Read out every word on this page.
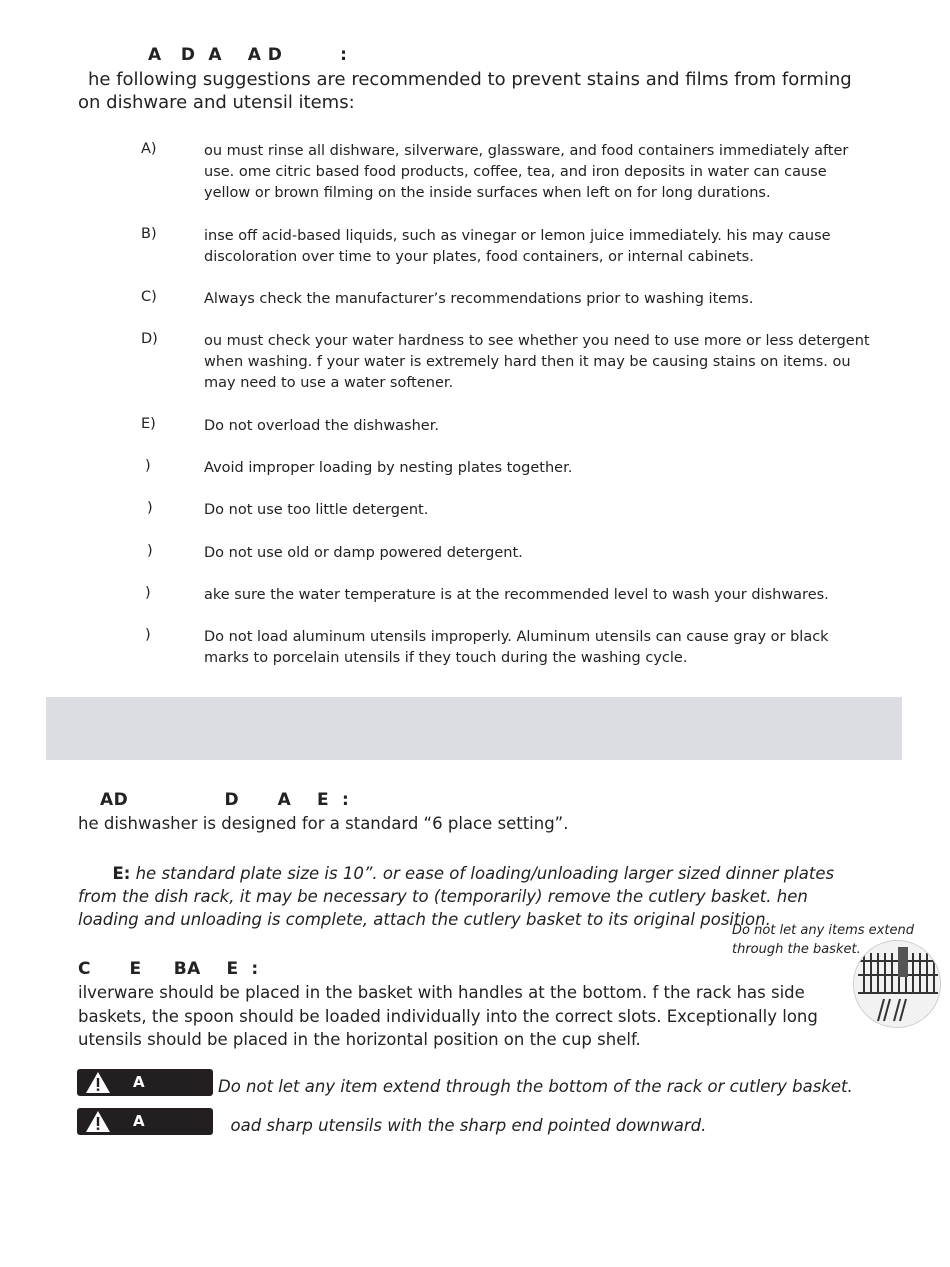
A   D  A    A D         :
he following suggestions are recommended to prevent stains and films from forming on dishware and utensil items:
A)	ou must rinse all dishware, silverware, glassware, and food containers immediately after use. ome citric based food products, coffee, tea, and iron deposits in water can cause yellow or brown filming on the inside surfaces when left on for long durations.
B)	inse off acid-based liquids, such as vinegar or lemon juice immediately. his may cause discoloration over time to your plates, food containers, or internal cabinets.
C)	Always check the manufacturer’s recommendations prior to washing items.
D)	ou must check your water hardness to see whether you need to use more or less detergent when washing. f your water is extremely hard then it may be causing stains on items. ou may need to use a water softener.
E)	Do not overload the dishwasher.
)	Avoid improper loading by nesting plates together.
)	Do not use too little detergent.
)	Do not use old or damp powered detergent.
)	ake sure the water temperature is at the recommended level to wash your dishwares.
)	Do not load aluminum utensils improperly. Aluminum utensils can cause gray or black marks to porcelain utensils if they touch during the washing cycle.
AD               D      A    E  :
he dishwasher is designed for a standard “6 place setting”.
E: he standard plate size is 10”. or ease of loading/unloading larger sized dinner plates from the dish rack, it may be necessary to (temporarily) remove the cutlery basket. hen loading and unloading is complete, attach the cutlery basket to its original position.
Do not let any items extend through the basket.
C      E     BA    E  :
ilverware should be placed in the basket with handles at the bottom. f the rack has side baskets, the spoon should be loaded individually into the correct slots. Exceptionally long utensils should be placed in the horizontal position on the cup shelf.
A	Do not let any item extend through the bottom of the rack or cutlery basket.
A	oad sharp utensils with the sharp end pointed downward.
